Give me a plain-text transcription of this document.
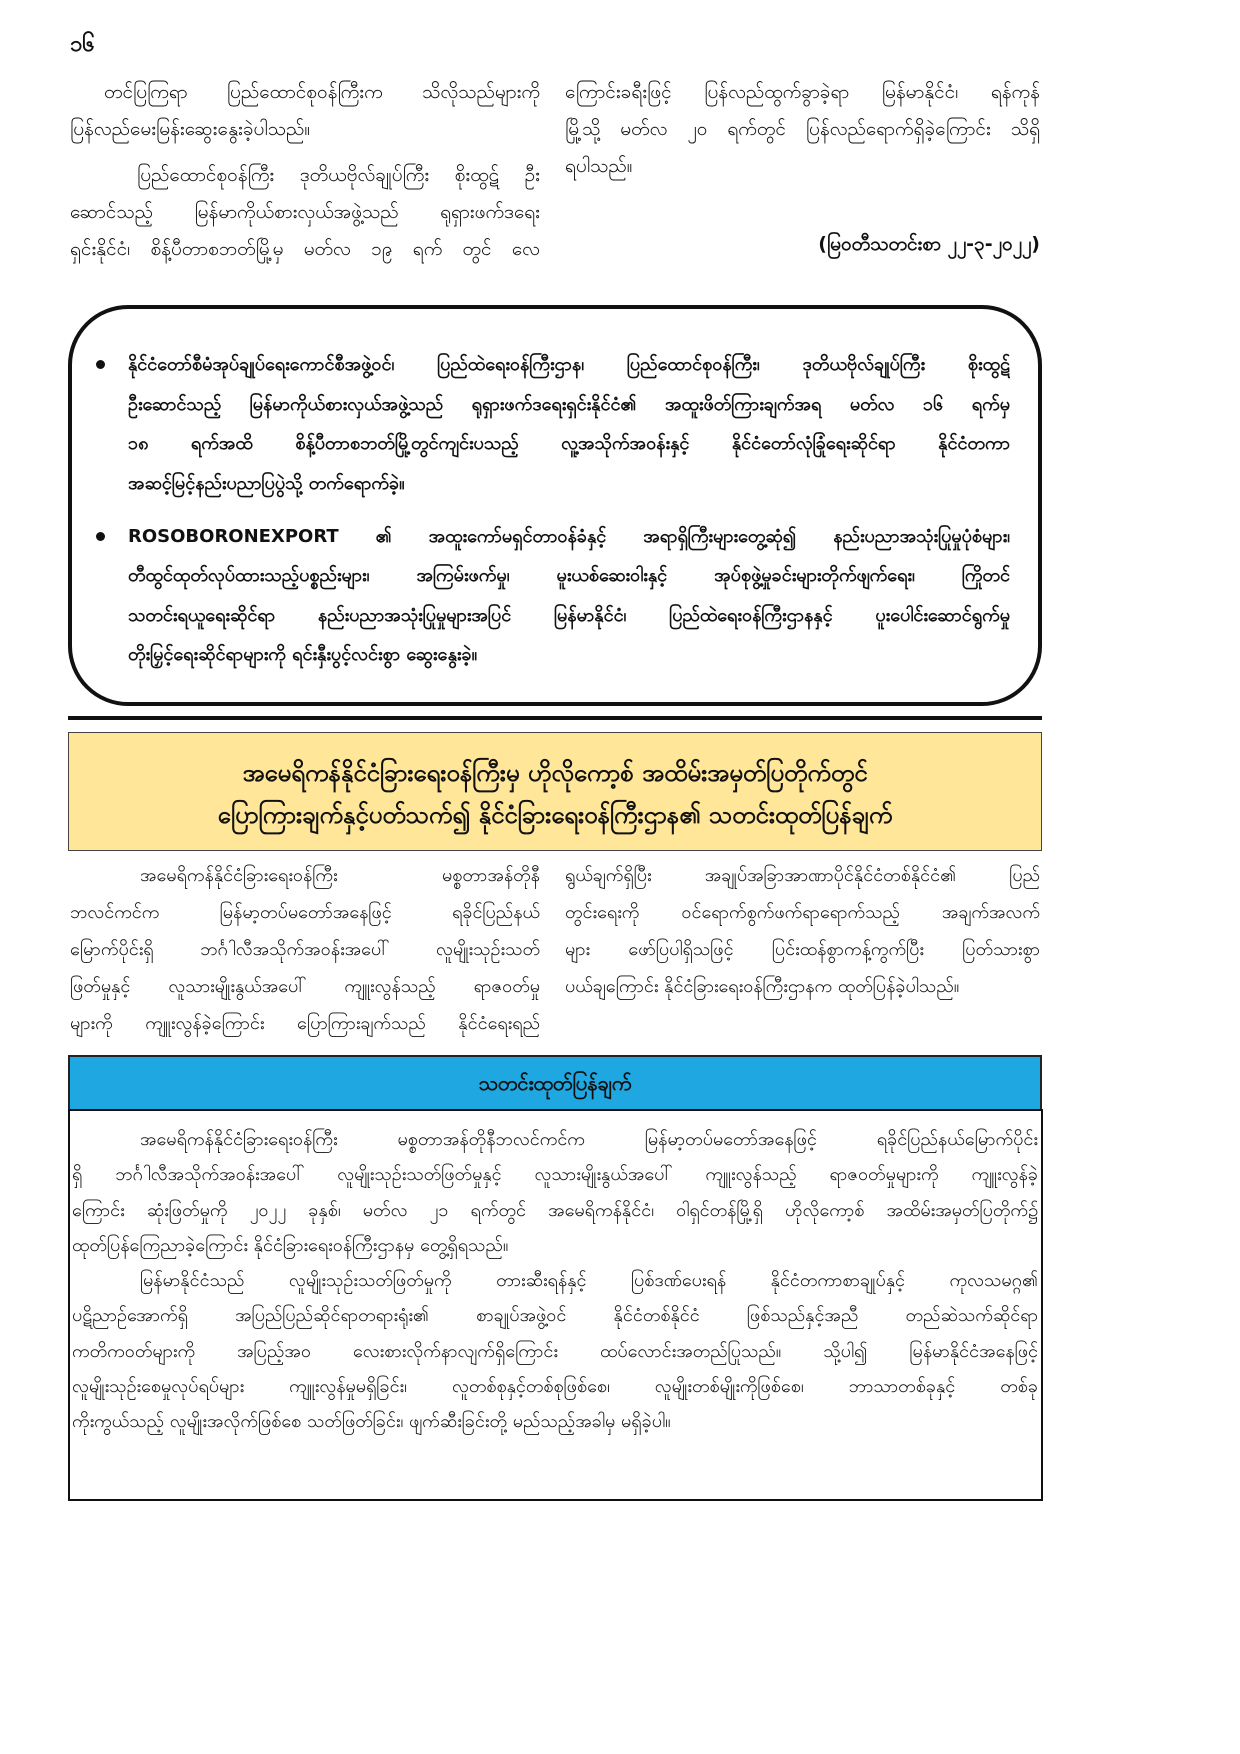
၁၆
တင်ပြကြရာ ပြည်ထောင်စုဝန်ကြီးက သိလိုသည်များကို
ပြန်လည်မေးမြန်းဆွေးနွေးခဲ့ပါသည်။
ပြည်ထောင်စုဝန်ကြီး ဒုတိယဗိုလ်ချုပ်ကြီး စိုးထွဋ် ဦး
ဆောင်သည့် မြန်မာကိုယ်စားလှယ်အဖွဲ့သည် ရုရှားဖက်ဒရေး
ရှင်းနိုင်ငံ၊ စိန့်ပီတာစဘတ်မြို့မှ မတ်လ ၁၉ ရက် တွင် လေ
ကြောင်းခရီးဖြင့် ပြန်လည်ထွက်ခွာခဲ့ရာ မြန်မာနိုင်ငံ၊ ရန်ကုန်
မြို့သို့ မတ်လ ၂၀ ရက်တွင် ပြန်လည်ရောက်ရှိခဲ့ကြောင်း သိရှိ
ရပါသည်။
(မြဝတီသတင်းစာ ၂၂-၃-၂၀၂၂)
နိုင်ငံတော်စီမံအုပ်ချုပ်ရေးကောင်စီအဖွဲ့ဝင်၊ ပြည်ထဲရေးဝန်ကြီးဌာန၊ ပြည်ထောင်စုဝန်ကြီး၊ ဒုတိယဗိုလ်ချုပ်ကြီး စိုးထွဋ်
ဦးဆောင်သည့် မြန်မာကိုယ်စားလှယ်အဖွဲ့သည် ရုရှားဖက်ဒရေးရှင်းနိုင်ငံ၏ အထူးဖိတ်ကြားချက်အရ မတ်လ ၁၆ ရက်မှ
၁၈ ရက်အထိ စိန့်ပီတာစဘတ်မြို့တွင်ကျင်းပသည့် လူ့အသိုက်အဝန်းနှင့် နိုင်ငံတော်လုံခြုံရေးဆိုင်ရာ နိုင်ငံတကာ
အဆင့်မြင့်နည်းပညာပြပွဲသို့ တက်ရောက်ခဲ့။
ROSOBORONEXPORT ၏ အထူးကော်မရှင်တာဝန်ခံနှင့် အရာရှိကြီးများတွေ့ဆုံ၍ နည်းပညာအသုံးပြုမှုပုံစံများ၊
တီထွင်ထုတ်လုပ်ထားသည့်ပစ္စည်းများ၊ အကြမ်းဖက်မှု၊ မူးယစ်ဆေးဝါးနှင့် အုပ်စုဖွဲ့မှုခင်းများတိုက်ဖျက်ရေး၊ ကြိုတင်
သတင်းရယူရေးဆိုင်ရာ နည်းပညာအသုံးပြုမှုများအပြင် မြန်မာနိုင်ငံ၊ ပြည်ထဲရေးဝန်ကြီးဌာနနှင့် ပူးပေါင်းဆောင်ရွက်မှု
တိုးမြှင့်ရေးဆိုင်ရာများကို ရင်းနှီးပွင့်လင်းစွာ ဆွေးနွေးခဲ့။
အမေရိကန်နိုင်ငံခြားရေးဝန်ကြီးမှ ဟိုလိုကော့စ် အထိမ်းအမှတ်ပြတိုက်တွင်
ပြောကြားချက်နှင့်ပတ်သက်၍ နိုင်ငံခြားရေးဝန်ကြီးဌာန၏ သတင်းထုတ်ပြန်ချက်
အမေရိကန်နိုင်ငံခြားရေးဝန်ကြီး မစ္စတာအန်တိုနီ
ဘလင်ကင်က မြန်မာ့တပ်မတော်အနေဖြင့် ရခိုင်ပြည်နယ်
မြောက်ပိုင်းရှိ ဘင်္ဂါလီအသိုက်အဝန်းအပေါ် လူမျိုးသုဉ်းသတ်
ဖြတ်မှုနှင့် လူသားမျိုးနွယ်အပေါ် ကျူးလွန်သည့် ရာဇဝတ်မှု
များကို ကျူးလွန်ခဲ့ကြောင်း ပြောကြားချက်သည် နိုင်ငံရေးရည်
ရွယ်ချက်ရှိပြီး အချုပ်အခြာအာဏာပိုင်နိုင်ငံတစ်နိုင်ငံ၏ ပြည်
တွင်းရေးကို ဝင်ရောက်စွက်ဖက်ရာရောက်သည့် အချက်အလက်
များ ဖော်ပြပါရှိသဖြင့် ပြင်းထန်စွာကန့်ကွက်ပြီး ပြတ်သားစွာ
ပယ်ချကြောင်း နိုင်ငံခြားရေးဝန်ကြီးဌာနက ထုတ်ပြန်ခဲ့ပါသည်။
သတင်းထုတ်ပြန်ချက်
အမေရိကန်နိုင်ငံခြားရေးဝန်ကြီး မစ္စတာအန်တိုနီဘလင်ကင်က မြန်မာ့တပ်မတော်အနေဖြင့် ရခိုင်ပြည်နယ်မြောက်ပိုင်း
ရှိ ဘင်္ဂါလီအသိုက်အဝန်းအပေါ် လူမျိုးသုဉ်းသတ်ဖြတ်မှုနှင့် လူသားမျိုးနွယ်အပေါ် ကျူးလွန်သည့် ရာဇဝတ်မှုများကို ကျူးလွန်ခဲ့
ကြောင်း ဆုံးဖြတ်မှုကို ၂၀၂၂ ခုနှစ်၊ မတ်လ ၂၁ ရက်တွင် အမေရိကန်နိုင်ငံ၊ ဝါရှင်တန်မြို့ရှိ ဟိုလိုကော့စ် အထိမ်းအမှတ်ပြတိုက်၌
ထုတ်ပြန်ကြေညာခဲ့ကြောင်း နိုင်ငံခြားရေးဝန်ကြီးဌာနမှ တွေ့ရှိရသည်။
မြန်မာနိုင်ငံသည် လူမျိုးသုဉ်းသတ်ဖြတ်မှုကို တားဆီးရန်နှင့် ပြစ်ဒဏ်ပေးရန် နိုင်ငံတကာစာချုပ်နှင့် ကုလသမဂ္ဂ၏
ပဋိညာဉ်အောက်ရှိ အပြည်ပြည်ဆိုင်ရာတရားရုံး၏ စာချုပ်အဖွဲ့ဝင် နိုင်ငံတစ်နိုင်ငံ ဖြစ်သည်နှင့်အညီ တည်ဆဲသက်ဆိုင်ရာ
ကတိကဝတ်များကို အပြည့်အဝ လေးစားလိုက်နာလျက်ရှိကြောင်း ထပ်လောင်းအတည်ပြုသည်။ သို့ပါ၍ မြန်မာနိုင်ငံအနေဖြင့်
လူမျိုးသုဉ်းစေမှုလုပ်ရပ်များ ကျူးလွန်မှုမရှိခြင်း၊ လူတစ်စုနှင့်တစ်စုဖြစ်စေ၊ လူမျိုးတစ်မျိုးကိုဖြစ်စေ၊ ဘာသာတစ်ခုနှင့် တစ်ခု
ကိုးကွယ်သည့် လူမျိုးအလိုက်ဖြစ်စေ သတ်ဖြတ်ခြင်း၊ ဖျက်ဆီးခြင်းတို့ မည်သည့်အခါမှ မရှိခဲ့ပါ။
